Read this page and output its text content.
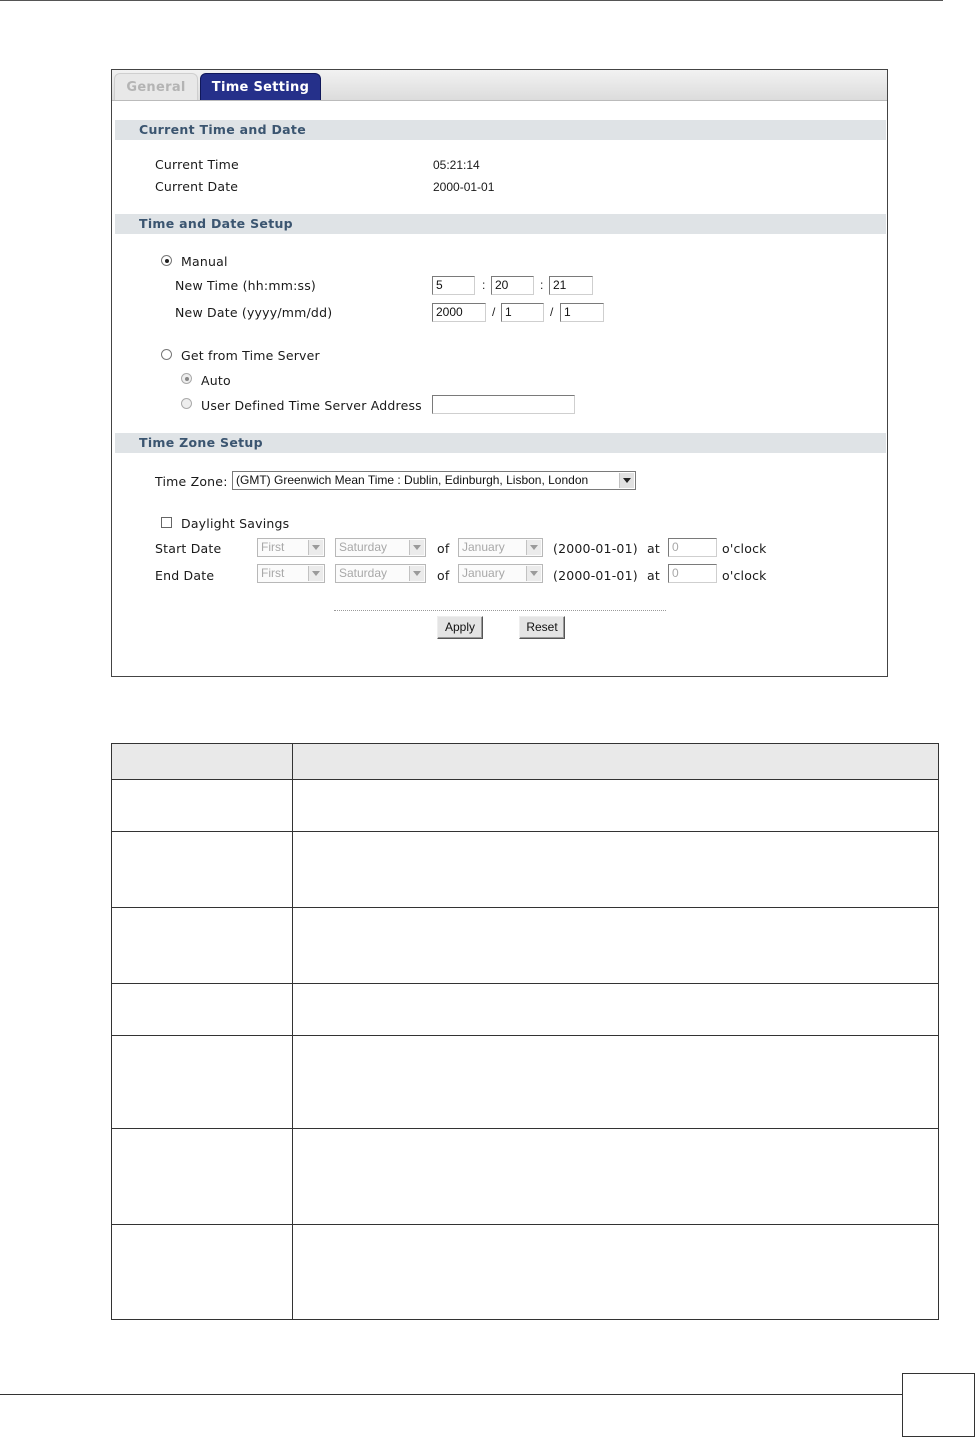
General	Time Setting
Current Time and Date
Current Time	05:21:14
Current Date	2000-01-01
Time and Date Setup
Manual
New Time (hh:mm:ss)	5	: 20	: 21
New Date (yyyy/mm/dd)	2000	/ 1	/ 1
Get from Time Server
Auto
User Defined Time Server Address
Time Zone Setup
Time Zone: (GMT) Greenwich Mean Time : Dublin, Edinburgh, Lisbon, London
Daylight Savings
Start Date	First	Saturday	of	January	(2000-01-01) at	0	o'clock
End Date	First	Saturday	of	January	(2000-01-01) at	0	o'clock
Apply	Reset
